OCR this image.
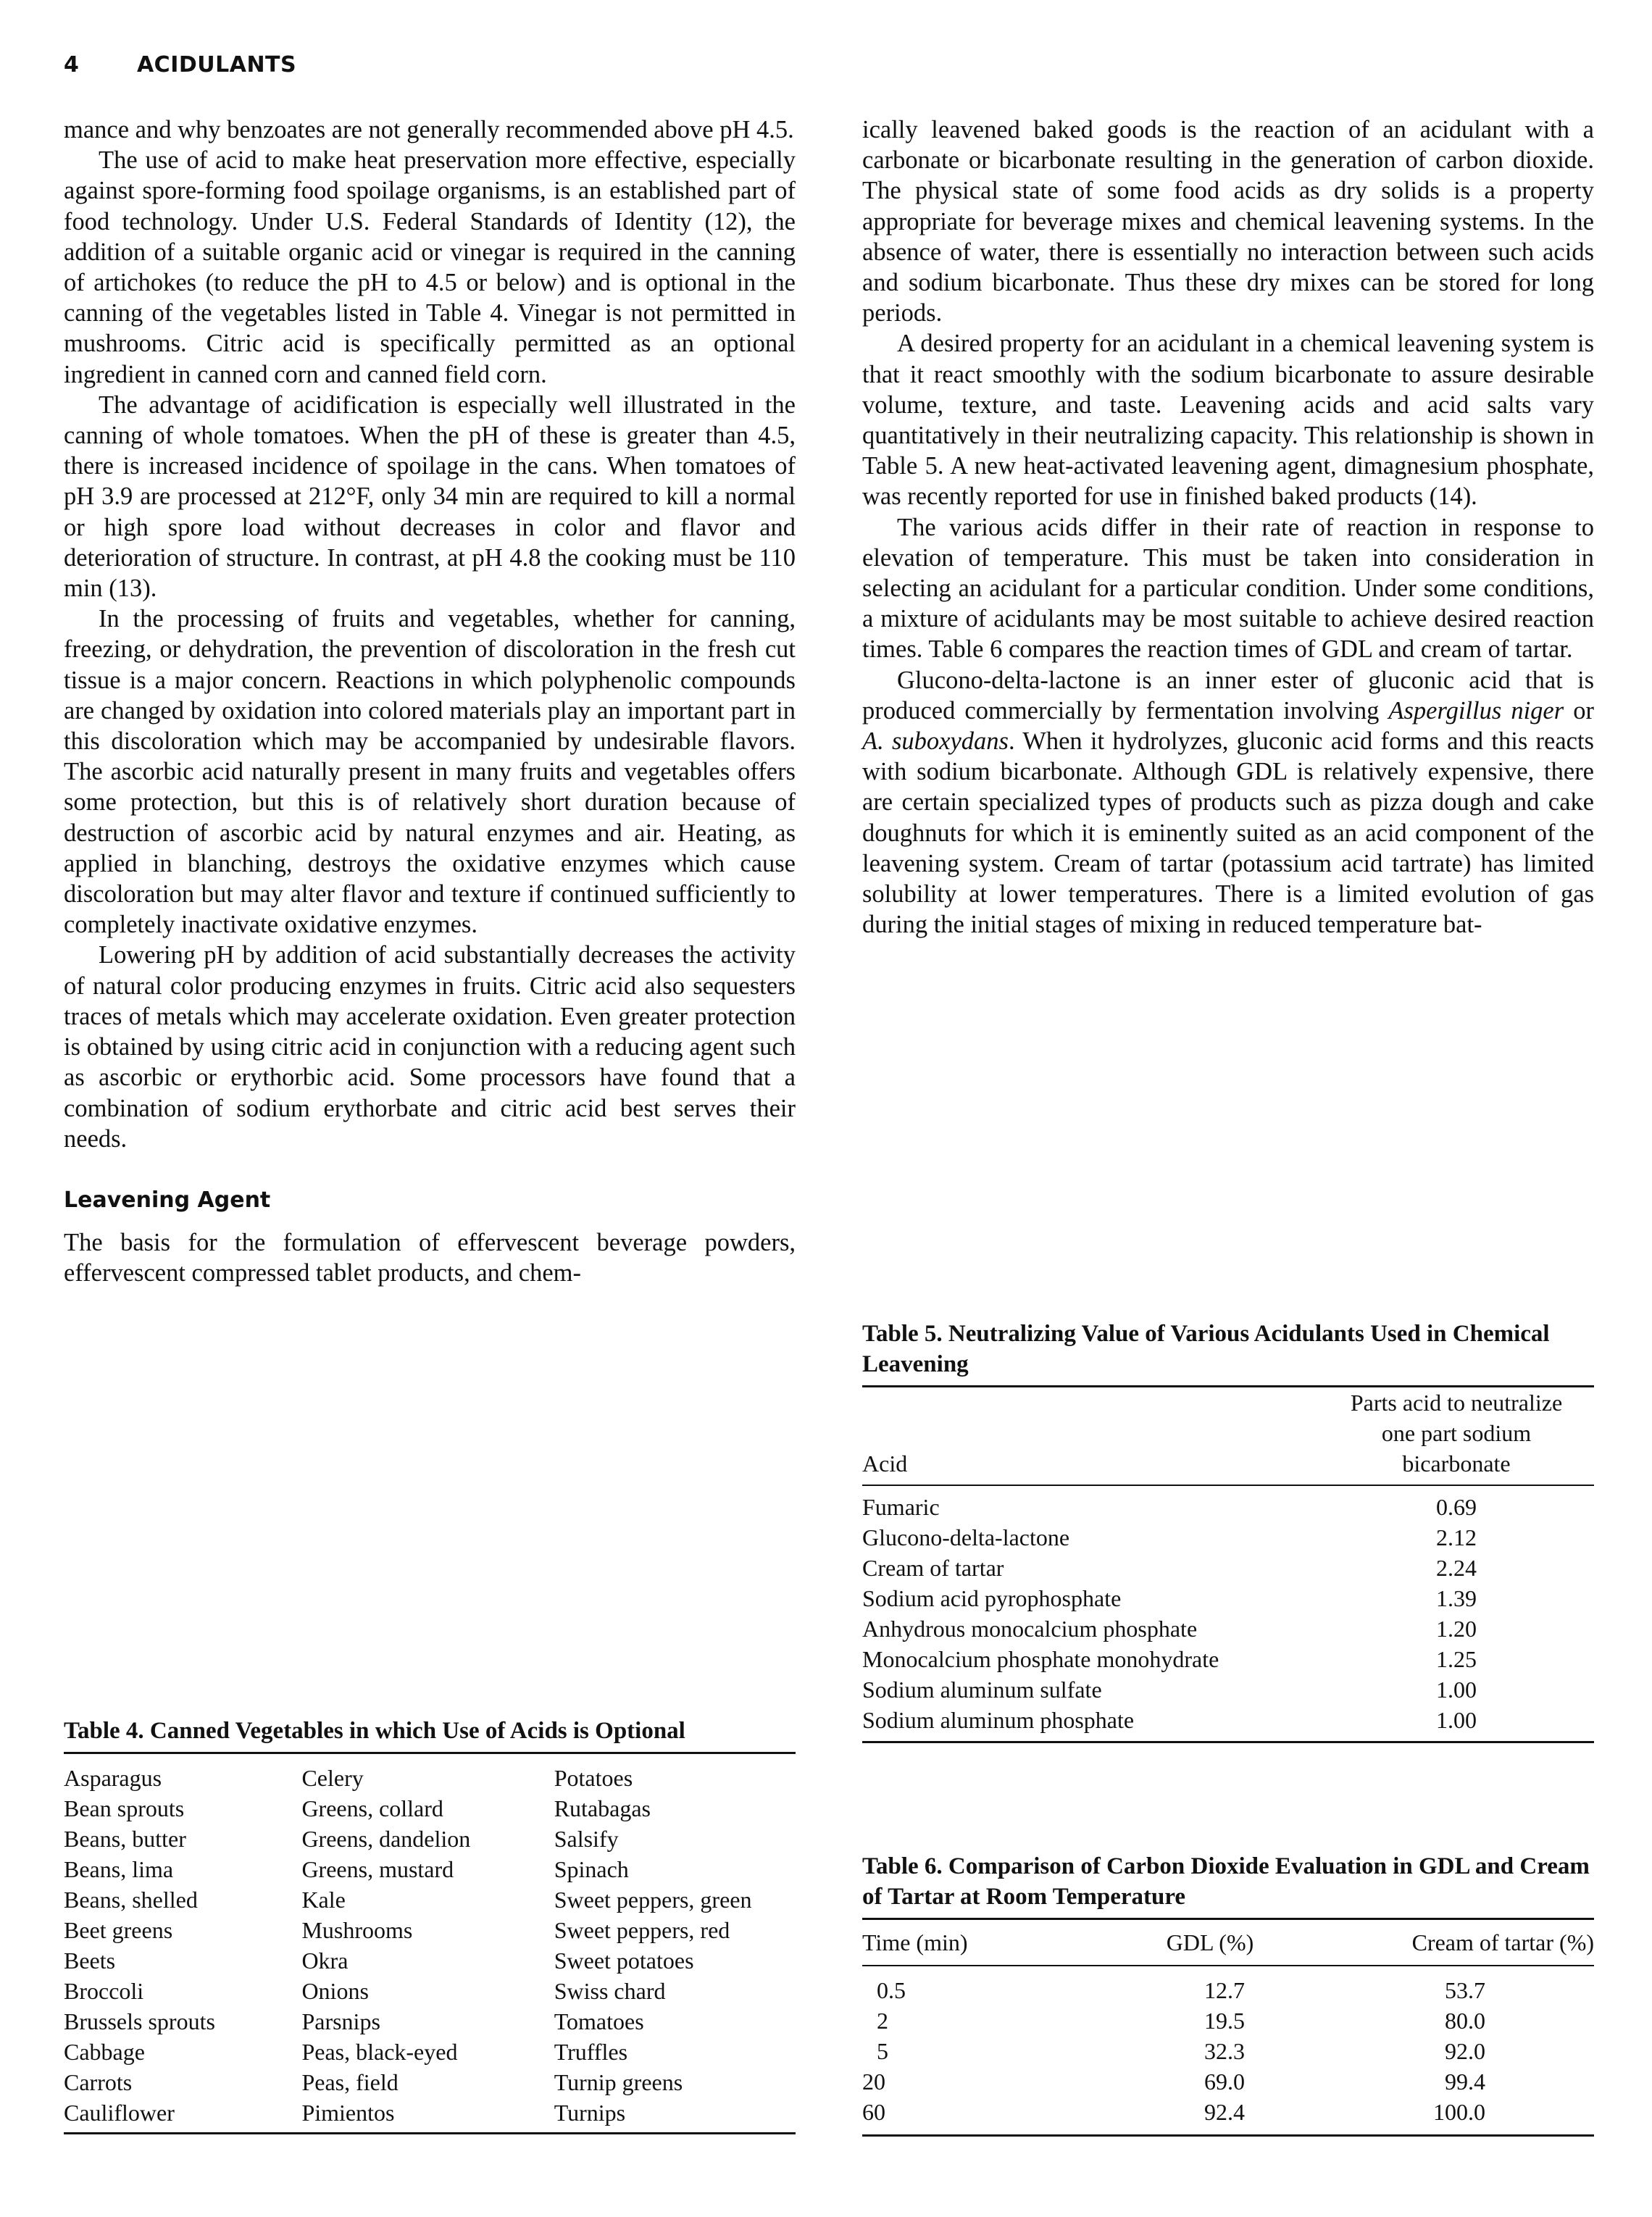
4	ACIDULANTS

mance and why benzoates are not generally recommended above pH 4.5.

The use of acid to make heat preservation more effective, especially against spore-forming food spoilage organisms, is an established part of food technology. Under U.S. Federal Standards of Identity (12), the addition of a suitable organic acid or vinegar is required in the canning of artichokes (to reduce the pH to 4.5 or below) and is optional in the canning of the vegetables listed in Table 4. Vinegar is not permitted in mushrooms. Citric acid is specifically permitted as an optional ingredient in canned corn and canned field corn.

The advantage of acidification is especially well illustrated in the canning of whole tomatoes. When the pH of these is greater than 4.5, there is increased incidence of spoilage in the cans. When tomatoes of pH 3.9 are processed at 212°F, only 34 min are required to kill a normal or high spore load without decreases in color and flavor and deterioration of structure. In contrast, at pH 4.8 the cooking must be 110 min (13).

In the processing of fruits and vegetables, whether for canning, freezing, or dehydration, the prevention of discoloration in the fresh cut tissue is a major concern. Reactions in which polyphenolic compounds are changed by oxidation into colored materials play an important part in this discoloration which may be accompanied by undesirable flavors. The ascorbic acid naturally present in many fruits and vegetables offers some protection, but this is of relatively short duration because of destruction of ascorbic acid by natural enzymes and air. Heating, as applied in blanching, destroys the oxidative enzymes which cause discoloration but may alter flavor and texture if continued sufficiently to completely inactivate oxidative enzymes.

Lowering pH by addition of acid substantially decreases the activity of natural color producing enzymes in fruits. Citric acid also sequesters traces of metals which may accelerate oxidation. Even greater protection is obtained by using citric acid in conjunction with a reducing agent such as ascorbic or erythorbic acid. Some processors have found that a combination of sodium erythorbate and citric acid best serves their needs.

Leavening Agent

The basis for the formulation of effervescent beverage powders, effervescent compressed tablet products, and chem-

Table 4. Canned Vegetables in which Use of Acids is Optional
Asparagus	Celery	Potatoes
Bean sprouts	Greens, collard	Rutabagas
Beans, butter	Greens, dandelion	Salsify
Beans, lima	Greens, mustard	Spinach
Beans, shelled	Kale	Sweet peppers, green
Beet greens	Mushrooms	Sweet peppers, red
Beets	Okra	Sweet potatoes
Broccoli	Onions	Swiss chard
Brussels sprouts	Parsnips	Tomatoes
Cabbage	Peas, black-eyed	Truffles
Carrots	Peas, field	Turnip greens
Cauliflower	Pimientos	Turnips

ically leavened baked goods is the reaction of an acidulant with a carbonate or bicarbonate resulting in the generation of carbon dioxide. The physical state of some food acids as dry solids is a property appropriate for beverage mixes and chemical leavening systems. In the absence of water, there is essentially no interaction between such acids and sodium bicarbonate. Thus these dry mixes can be stored for long periods.

A desired property for an acidulant in a chemical leavening system is that it react smoothly with the sodium bicarbonate to assure desirable volume, texture, and taste. Leavening acids and acid salts vary quantitatively in their neutralizing capacity. This relationship is shown in Table 5. A new heat-activated leavening agent, dimagnesium phosphate, was recently reported for use in finished baked products (14).

The various acids differ in their rate of reaction in response to elevation of temperature. This must be taken into consideration in selecting an acidulant for a particular condition. Under some conditions, a mixture of acidulants may be most suitable to achieve desired reaction times. Table 6 compares the reaction times of GDL and cream of tartar.

Glucono-delta-lactone is an inner ester of gluconic acid that is produced commercially by fermentation involving Aspergillus niger or A. suboxydans. When it hydrolyzes, gluconic acid forms and this reacts with sodium bicarbonate. Although GDL is relatively expensive, there are certain specialized types of products such as pizza dough and cake doughnuts for which it is eminently suited as an acid component of the leavening system. Cream of tartar (potassium acid tartrate) has limited solubility at lower temperatures. There is a limited evolution of gas during the initial stages of mixing in reduced temperature bat-

Table 5. Neutralizing Value of Various Acidulants Used in Chemical Leavening
Acid	
Parts acid to neutralize
one part sodium
bicarbonate
Fumaric	0.69
Glucono-delta-lactone	2.12
Cream of tartar	2.24
Sodium acid pyrophosphate	1.39
Anhydrous monocalcium phosphate	1.20
Monocalcium phosphate monohydrate	1.25
Sodium aluminum sulfate	1.00
Sodium aluminum phosphate	1.00
Table 6. Comparison of Carbon Dioxide Evaluation in GDL and Cream of Tartar at Room Temperature
Time (min)	GDL (%)	Cream of tartar (%)
0.5	12.7	53.7
2	19.5	80.0
5	32.3	92.0
20	69.0	99.4
60	92.4	100.0
